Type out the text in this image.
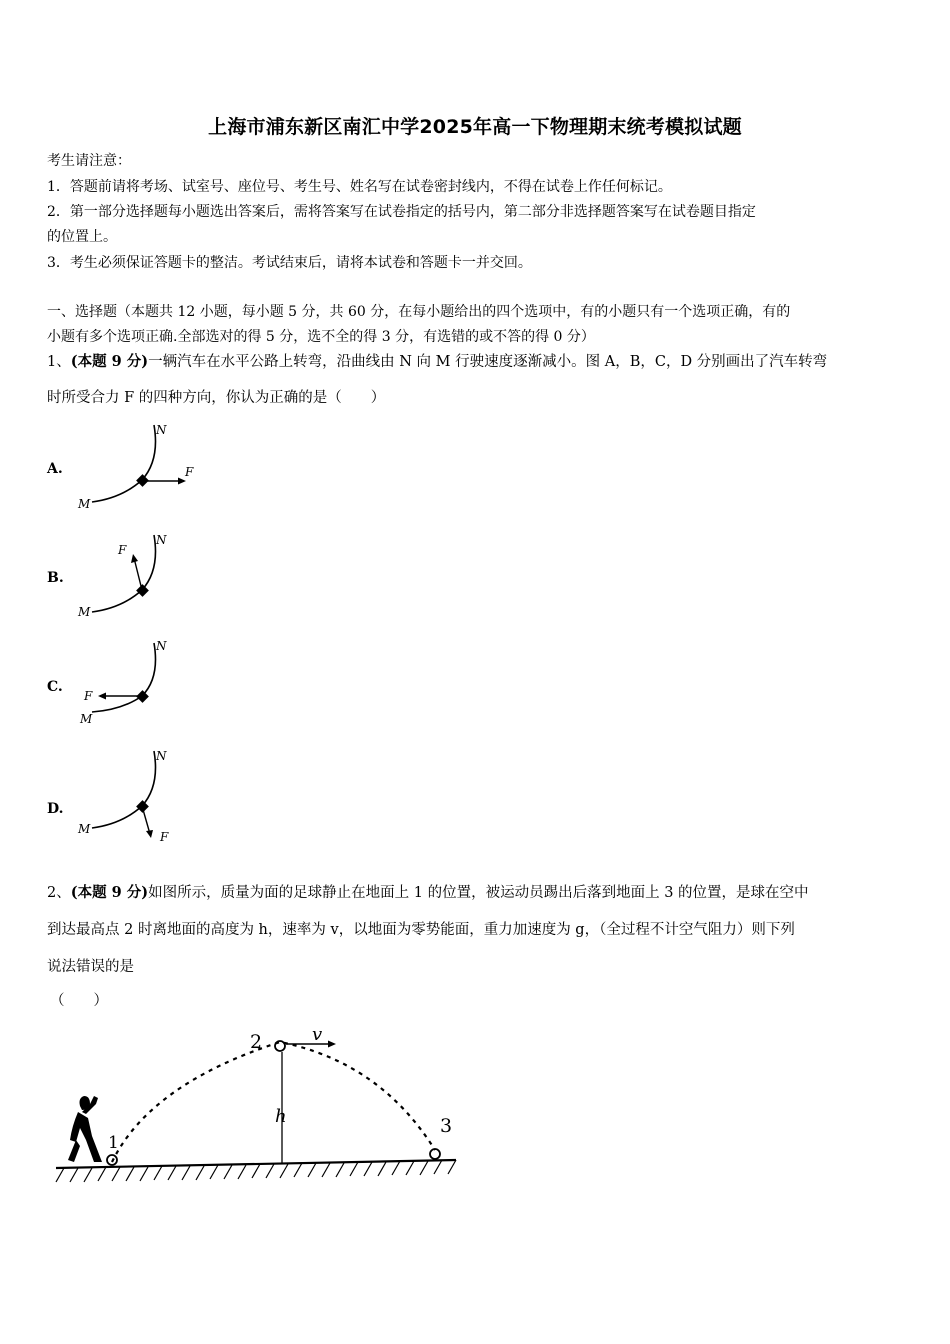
上海市浦东新区南汇中学2025年高一下物理期末统考模拟试题
考生请注意：
1．答题前请将考场、试室号、座位号、考生号、姓名写在试卷密封线内，不得在试卷上作任何标记。
2．第一部分选择题每小题选出答案后，需将答案写在试卷指定的括号内，第二部分非选择题答案写在试卷题目指定
的位置上。
3．考生必须保证答题卡的整洁。考试结束后，请将本试卷和答题卡一并交回。
一、选择题（本题共 12 小题，每小题 5 分，共 60 分，在每小题给出的四个选项中，有的小题只有一个选项正确，有的
小题有多个选项正确.全部选对的得 5 分，选不全的得 3 分，有选错的或不答的得 0 分）
1、(本题 9 分)一辆汽车在水平公路上转弯，沿曲线由 N 向 M 行驶速度逐渐减小。图 A，B，C，D 分别画出了汽车转弯
时所受合力 F 的四种方向，你认为正确的是（　　）
A.
N
M
F
B.
N
M
F
C.
N
M
F
D.
N
M
F
2、(本题 9 分)如图所示，质量为面的足球静止在地面上 1 的位置，被运动员踢出后落到地面上 3 的位置，是球在空中
到达最高点 2 时离地面的高度为 h，速率为 v，以地面为零势能面，重力加速度为 g，（全过程不计空气阻力）则下列
说法错误的是
（　　）
1
2
3
h
v
